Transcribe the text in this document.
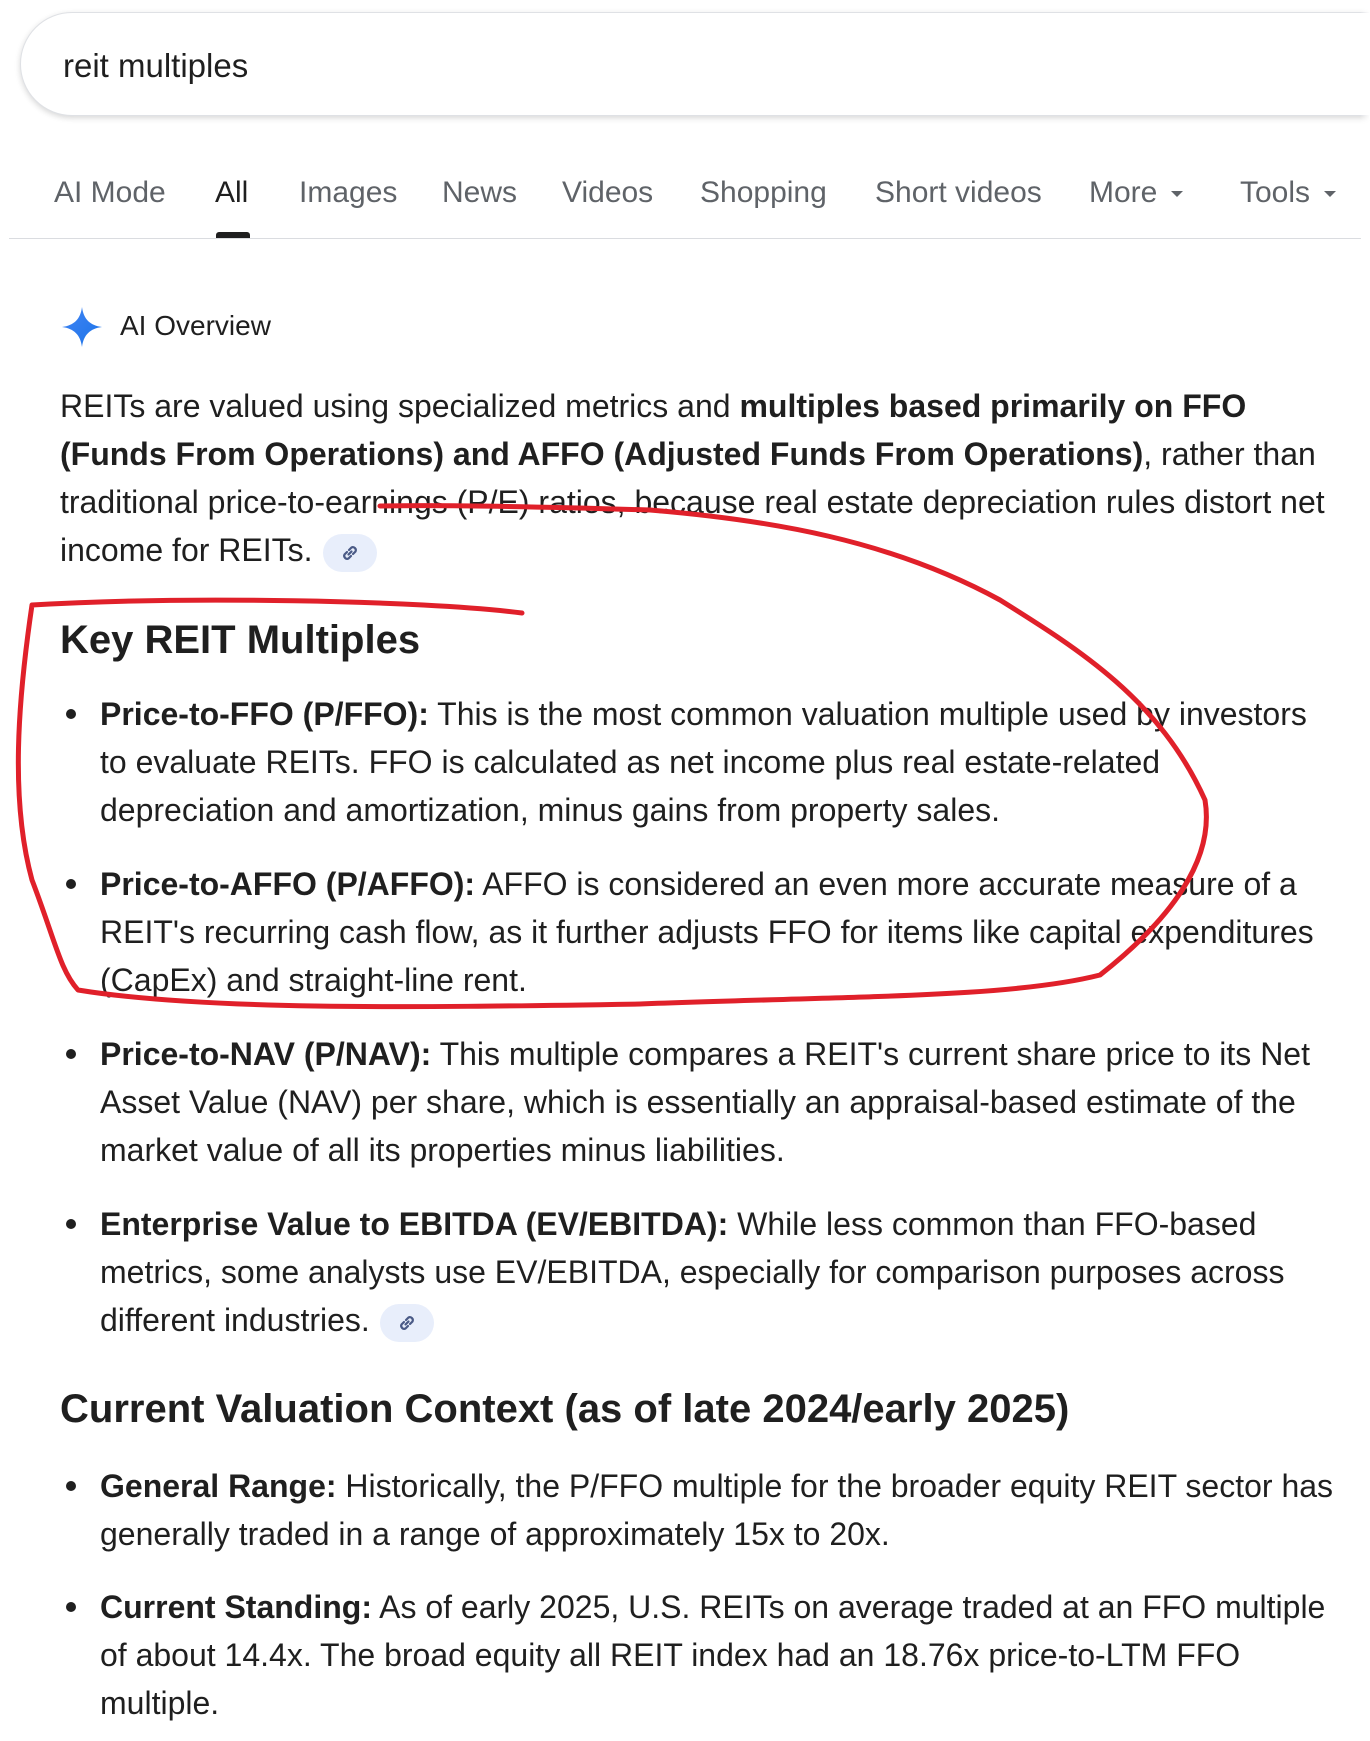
reit multiples
AI Mode All Images News Videos Shopping Short videos More	Tools
AI Overview

REITs are valued using specialized metrics and multiples based primarily on FFO (Funds From Operations) and AFFO (Adjusted Funds From Operations), rather than traditional price-to-earnings (P/E) ratios, because real estate depreciation rules distort net income for REITs.

Key REIT Multiples

Price-to-FFO (P/FFO): This is the most common valuation multiple used by investors to evaluate REITs. FFO is calculated as net income plus real estate-related depreciation and amortization, minus gains from property sales.

Price-to-AFFO (P/AFFO): AFFO is considered an even more accurate measure of a REIT's recurring cash flow, as it further adjusts FFO for items like capital expenditures (CapEx) and straight-line rent.

Price-to-NAV (P/NAV): This multiple compares a REIT's current share price to its Net Asset Value (NAV) per share, which is essentially an appraisal-based estimate of the market value of all its properties minus liabilities.

Enterprise Value to EBITDA (EV/EBITDA): While less common than FFO-based metrics, some analysts use EV/EBITDA, especially for comparison purposes across different industries.

Current Valuation Context (as of late 2024/early 2025)

General Range: Historically, the P/FFO multiple for the broader equity REIT sector has generally traded in a range of approximately 15x to 20x.

Current Standing: As of early 2025, U.S. REITs on average traded at an FFO multiple of about 14.4x. The broad equity all REIT index had an 18.76x price-to-LTM FFO multiple.
